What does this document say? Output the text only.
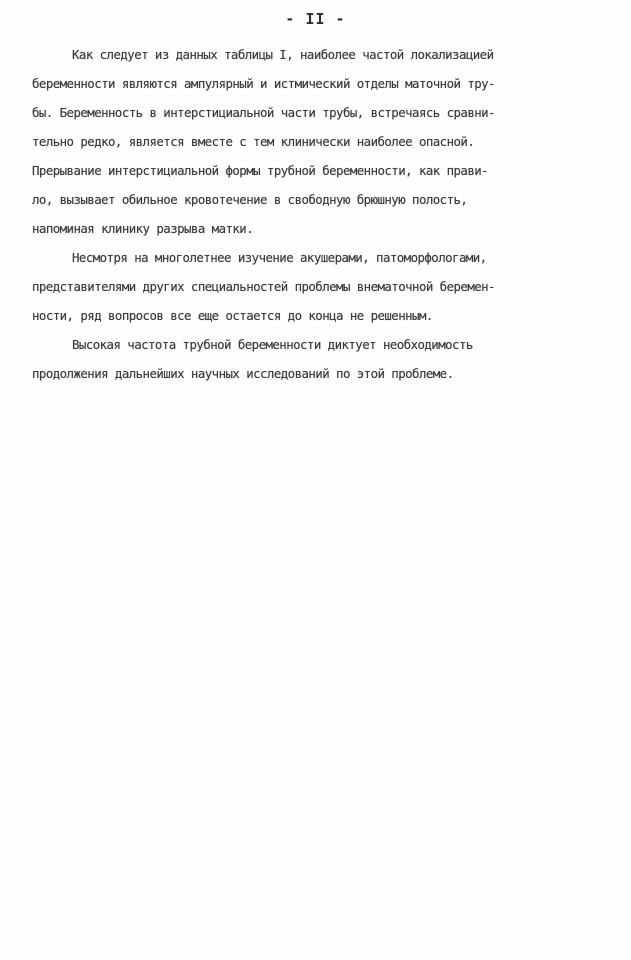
- II -
Как следует из данных таблицы I, наиболее частой локализацией
беременности являются ампулярный и истмический отделы маточной тру-
бы. Беременность в интерстициальной части трубы, встречаясь сравни-
тельно редко, является вместе с тем клинически наиболее опасной.
Прерывание интерстициальной формы трубной беременности, как прави-
ло, вызывает обильное кровотечение в свободную брюшную полость,
напоминая клинику разрыва матки.
Несмотря на многолетнее изучение акушерами, патоморфологами,
представителями других специальностей проблемы внематочной беремен-
ности, ряд вопросов все еще остается до конца не решенным.
Высокая частота трубной беременности диктует необходимость
продолжения дальнейших научных исследований по этой проблеме.
